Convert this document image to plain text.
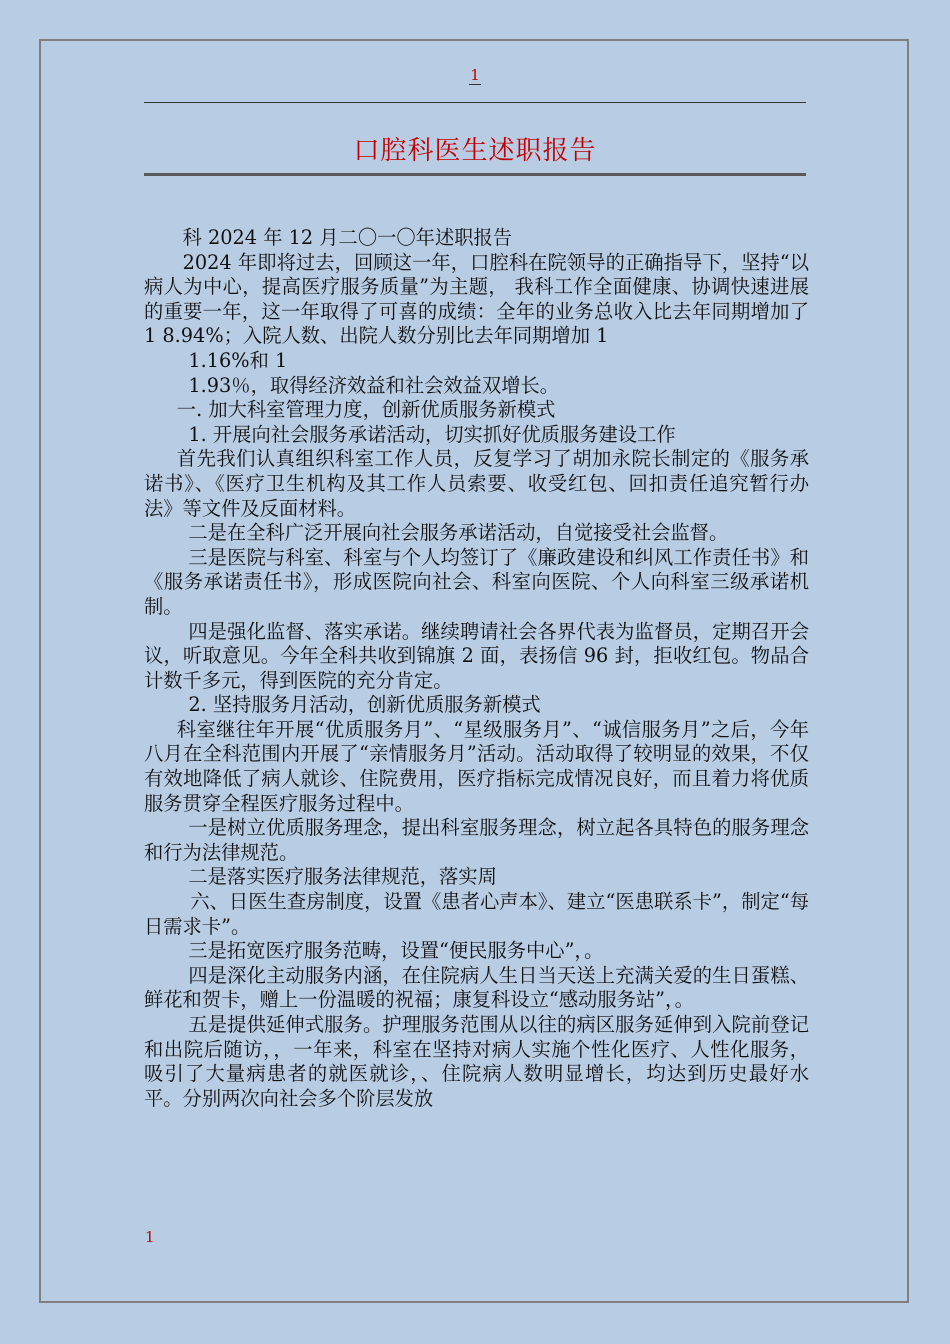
1
口腔科医生述职报告

科 2024 年 12 月二〇一〇年述职报告

2024 年即将过去，回顾这一年，口腔科在院领导的正确指导下，坚持“以病人为中心，提高医疗服务质量”为主题， 我科工作全面健康、协调快速进展的重要一年，这一年取得了可喜的成绩：全年的业务总收入比去年同期增加了 1 8.94%；入院人数、出院人数分别比去年同期增加 1

1.16%和 1

1.93％，取得经济效益和社会效益双增长。

一. 加大科室管理力度，创新优质服务新模式

1. 开展向社会服务承诺活动，切实抓好优质服务建设工作

首先我们认真组织科室工作人员，反复学习了胡加永院长制定的《服务承诺书》、《医疗卫生机构及其工作人员索要、收受红包、回扣责任追究暂行办法》等文件及反面材料。

二是在全科广泛开展向社会服务承诺活动，自觉接受社会监督。

三是医院与科室、科室与个人均签订了《廉政建设和纠风工作责任书》和《服务承诺责任书》，形成医院向社会、科室向医院、个人向科室三级承诺机制。

四是强化监督、落实承诺。继续聘请社会各界代表为监督员，定期召开会议，听取意见。今年全科共收到锦旗 2 面，表扬信 96 封，拒收红包。物品合计数千多元，得到医院的充分肯定。

2. 坚持服务月活动，创新优质服务新模式

科室继往年开展“优质服务月”、“星级服务月”、“诚信服务月”之后，今年八月在全科范围内开展了“亲情服务月”活动。活动取得了较明显的效果，不仅有效地降低了病人就诊、住院费用，医疗指标完成情况良好，而且着力将优质服务贯穿全程医疗服务过程中。

一是树立优质服务理念，提出科室服务理念，树立起各具特色的服务理念和行为法律规范。

二是落实医疗服务法律规范，落实周

六、日医生查房制度，设置《患者心声本》、建立“医患联系卡”，制定“每日需求卡”。

三是拓宽医疗服务范畴，设置“便民服务中心”，。

四是深化主动服务内涵，在住院病人生日当天送上充满关爱的生日蛋糕、鲜花和贺卡，赠上一份温暖的祝福；康复科设立“感动服务站”，。

五是提供延伸式服务。护理服务范围从以往的病区服务延伸到入院前登记和出院后随访，，一年来，科室在坚持对病人实施个性化医疗、人性化服务，吸引了大量病患者的就医就诊，、住院病人数明显增长，均达到历史最好水平。分别两次向社会多个阶层发放

1
